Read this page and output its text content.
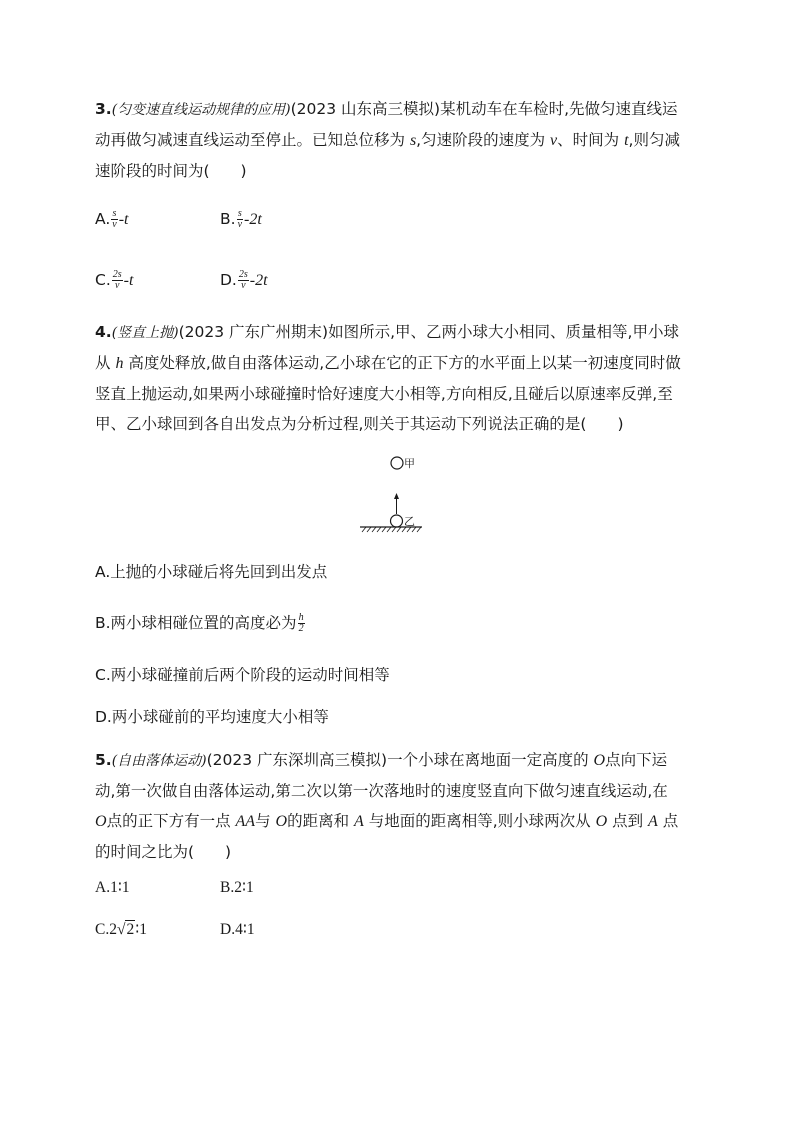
3.(匀变速直线运动规律的应用)(2023 山东高三模拟)某机动车在车检时,先做匀速直线运
动再做匀减速直线运动至停止。已知总位移为 s,匀速阶段的速度为 v、时间为 t,则匀减
速阶段的时间为(　　)
A. $\frac{s}{v} -t$	B. $\frac{s}{v} -2t$
C. $\frac{2s}{v} -t$	D. $\frac{2s}{v} -2t$
4.(竖直上抛)(2023 广东广州期末)如图所示,甲、乙两小球大小相同、质量相等,甲小球
从 h 高度处释放,做自由落体运动,乙小球在它的正下方的水平面上以某一初速度同时做
竖直上抛运动,如果两小球碰撞时恰好速度大小相等,方向相反,且碰后以原速率反弹,至
甲、乙小球回到各自出发点为分析过程,则关于其运动下列说法正确的是(　　)
甲
乙
A.上抛的小球碰后将先回到出发点
B.两小球相碰位置的高度必为 $\frac{h}{2}$
C.两小球碰撞前后两个阶段的运动时间相等
D.两小球碰前的平均速度大小相等
5.(自由落体运动)(2023 广东深圳高三模拟)一个小球在离地面一定高度的 O点向下运
动,第一次做自由落体运动,第二次以第一次落地时的速度竖直向下做匀速直线运动,在
O点的正下方有一点 AA与 O的距离和 A 与地面的距离相等,则小球两次从 O 点到 A 点
的时间之比为(　　)
A.1∶1	B.2∶1
C.2√2∶1	D.4∶1
